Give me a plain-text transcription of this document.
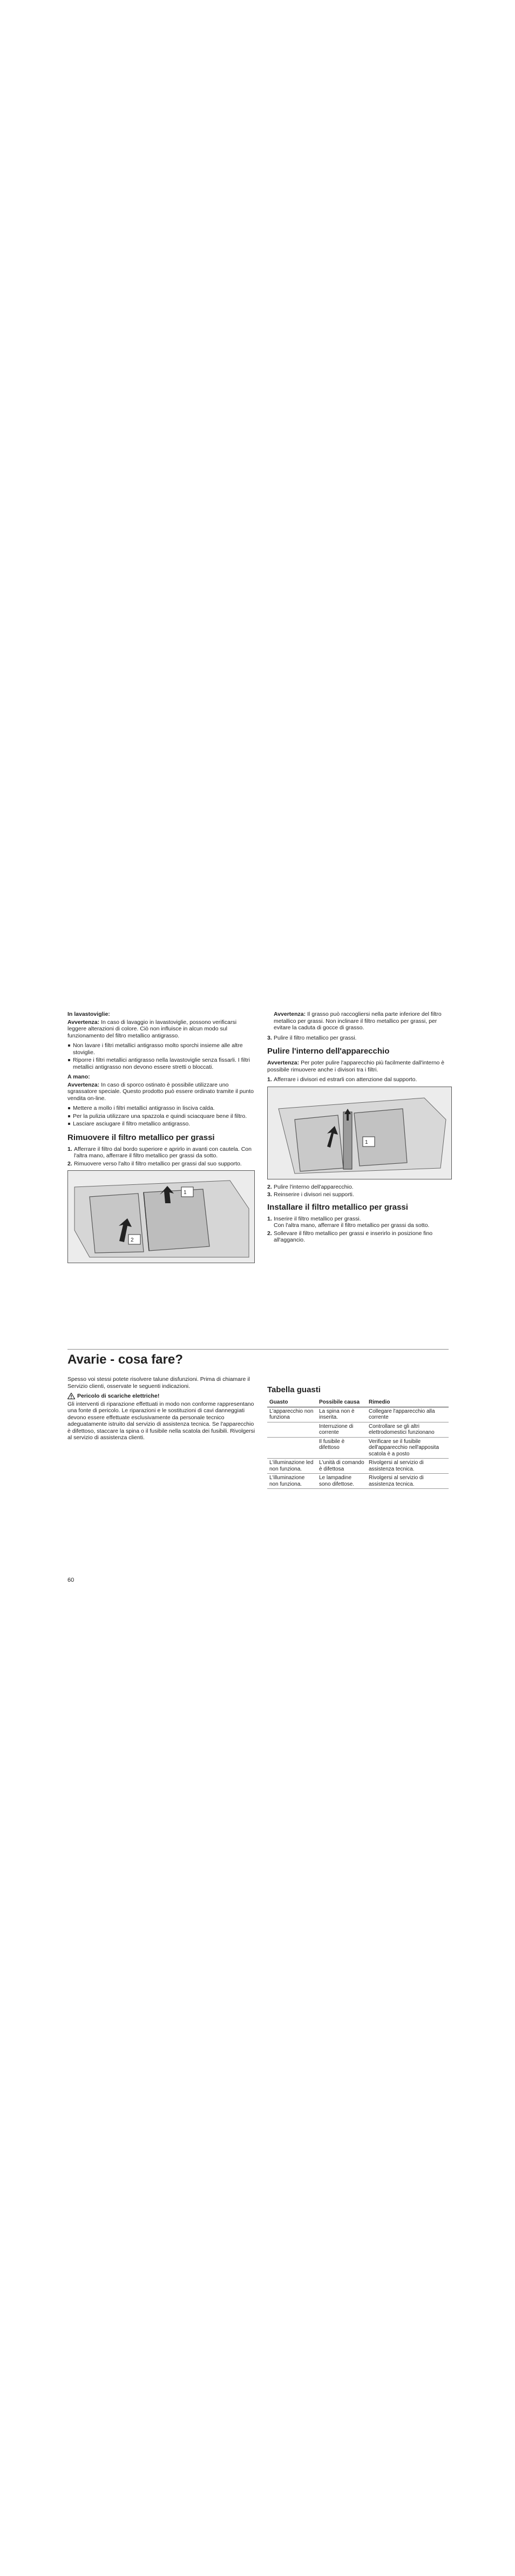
In lavastoviglie:

Avvertenza: In caso di lavaggio in lavastoviglie, possono verificarsi leggere alterazioni di colore. Ciò non influisce in alcun modo sul funzionamento del filtro metallico antigrasso.

Non lavare i filtri metallici antigrasso molto sporchi insieme alle altre stoviglie.
Riporre i filtri metallici antigrasso nella lavastoviglie senza fissarli. I filtri metallici antigrasso non devono essere stretti o bloccati.
A mano:

Avvertenza: In caso di sporco ostinato è possibile utilizzare uno sgrassatore speciale. Questo prodotto può essere ordinato tramite il punto vendita on-line.

Mettere a mollo i filtri metallici antigrasso in lisciva calda.
Per la pulizia utilizzare una spazzola e quindi sciacquare bene il filtro.
Lasciare asciugare il filtro metallico antigrasso.
Rimuovere il filtro metallico per grassi
1. Afferrare il filtro dal bordo superiore e aprirlo in avanti con cautela. Con l'altra mano, afferrare il filtro metallico per grassi da sotto.
2. Rimuovere verso l'alto il filtro metallico per grassi dal suo supporto.
1
2

Avvertenza: Il grasso può raccogliersi nella parte inferiore del filtro metallico per grassi. Non inclinare il filtro metallico per grassi, per evitare la caduta di gocce di grasso.

3. Pulire il filtro metallico per grassi.
Pulire l'interno dell'apparecchio

Avvertenza: Per poter pulire l'apparecchio più facilmente dall'interno è possibile rimuovere anche i divisori tra i filtri.

1. Afferrare i divisori ed estrarli con attenzione dal supporto.
1
2. Pulire l'interno dell'apparecchio.
3. Reinserire i divisori nei supporti.
Installare il filtro metallico per grassi
1. Inserire il filtro metallico per grassi.
Con l'altra mano, afferrare il filtro metallico per grassi da sotto.
2. Sollevare il filtro metallico per grassi e inserirlo in posizione fino all'aggancio.
Avarie - cosa fare?

Spesso voi stessi potete risolvere talune disfunzioni. Prima di chiamare il Servizio clienti, osservate le seguenti indicazioni.

Pericolo di scariche elettriche!

Gli interventi di riparazione effettuati in modo non conforme rappresentano una fonte di pericolo. Le riparazioni e le sostituzioni di cavi danneggiati devono essere effettuate esclusivamente da personale tecnico adeguatamente istruito dal servizio di assistenza tecnica. Se l'apparecchio è difettoso, staccare la spina o il fusibile nella scatola dei fusibili. Rivolgersi al servizio di assistenza clienti.

Tabella guasti
Guasto	Possibile causa	Rimedio
L'apparecchio non funziona	La spina non è inserita.	Collegare l'apparecchio alla corrente
	Interruzione di corrente	Controllare se gli altri elettrodomestici funzionano
	Il fusibile è difettoso	Verificare se il fusibile dell'apparecchio nell'apposita scatola è a posto
L'illuminazione led non funziona.	L'unità di comando è difettosa	Rivolgersi al servizio di assistenza tecnica.
L'illuminazione non funziona.	Le lampadine sono difettose.	Rivolgersi al servizio di assistenza tecnica.
60
